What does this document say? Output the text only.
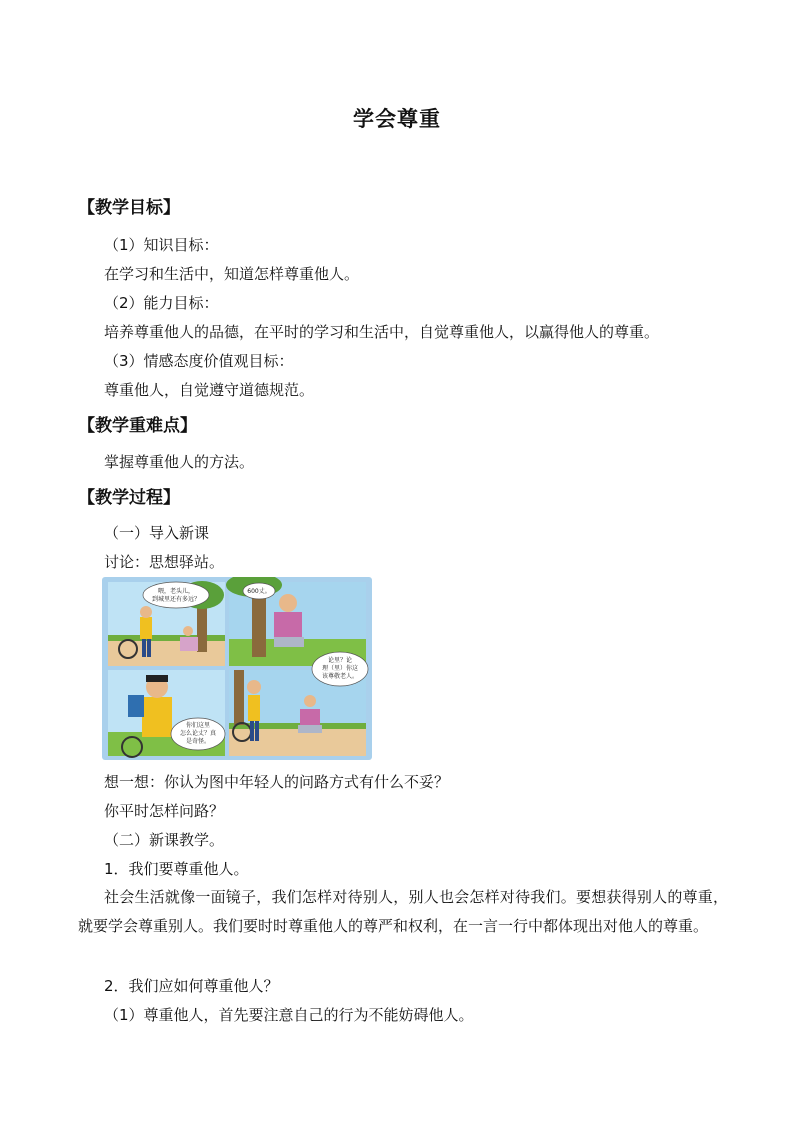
学会尊重
【教学目标】
（1）知识目标：
在学习和生活中，知道怎样尊重他人。
（2）能力目标：
培养尊重他人的品德，在平时的学习和生活中，自觉尊重他人，以赢得他人的尊重。
（3）情感态度价值观目标：
尊重他人，自觉遵守道德规范。
【教学重难点】
掌握尊重他人的方法。
【教学过程】
（一）导入新课
讨论：思想驿站。
喂，老头儿，
到城里还有多远？
600丈。
你们这里
怎么论丈？真
是奇怪。
论里？论
理（里）你这
该尊敬老人。
想一想：你认为图中年轻人的问路方式有什么不妥？
你平时怎样问路？
（二）新课教学。
1．我们要尊重他人。
社会生活就像一面镜子，我们怎样对待别人，别人也会怎样对待我们。要想获得别人的尊重，就要学会尊重别人。我们要时时尊重他人的尊严和权利，在一言一行中都体现出对他人的尊重。
2．我们应如何尊重他人？
（1）尊重他人，首先要注意自己的行为不能妨碍他人。
